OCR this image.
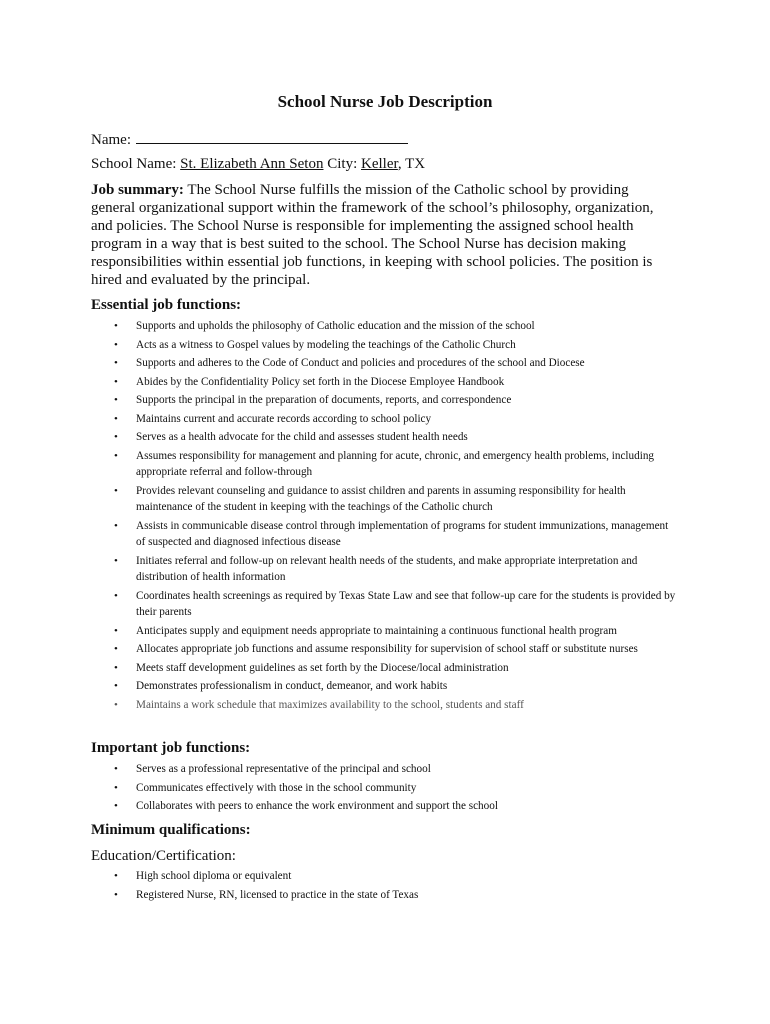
School Nurse Job Description
Name:
School Name: St. Elizabeth Ann Seton City: Keller, TX
Job summary: The School Nurse fulfills the mission of the Catholic school by providing general organizational support within the framework of the school’s philosophy, organization, and policies. The School Nurse is responsible for implementing the assigned school health program in a way that is best suited to the school. The School Nurse has decision making responsibilities within essential job functions, in keeping with school policies. The position is hired and evaluated by the principal.
Essential job functions:
• Supports and upholds the philosophy of Catholic education and the mission of the school
• Acts as a witness to Gospel values by modeling the teachings of the Catholic Church
• Supports and adheres to the Code of Conduct and policies and procedures of the school and Diocese
• Abides by the Confidentiality Policy set forth in the Diocese Employee Handbook
• Supports the principal in the preparation of documents, reports, and correspondence
• Maintains current and accurate records according to school policy
• Serves as a health advocate for the child and assesses student health needs
• Assumes responsibility for management and planning for acute, chronic, and emergency health problems, including appropriate referral and follow-through
• Provides relevant counseling and guidance to assist children and parents in assuming responsibility for health maintenance of the student in keeping with the teachings of the Catholic church
• Assists in communicable disease control through implementation of programs for student immunizations, management of suspected and diagnosed infectious disease
• Initiates referral and follow-up on relevant health needs of the students, and make appropriate interpretation and distribution of health information
• Coordinates health screenings as required by Texas State Law and see that follow-up care for the students is provided by their parents
• Anticipates supply and equipment needs appropriate to maintaining a continuous functional health program
• Allocates appropriate job functions and assume responsibility for supervision of school staff or substitute nurses
• Meets staff development guidelines as set forth by the Diocese/local administration
• Demonstrates professionalism in conduct, demeanor, and work habits
• Maintains a work schedule that maximizes availability to the school, students and staff
Important job functions:
• Serves as a professional representative of the principal and school
• Communicates effectively with those in the school community
• Collaborates with peers to enhance the work environment and support the school
Minimum qualifications:
Education/Certification:
• High school diploma or equivalent
• Registered Nurse, RN, licensed to practice in the state of Texas
